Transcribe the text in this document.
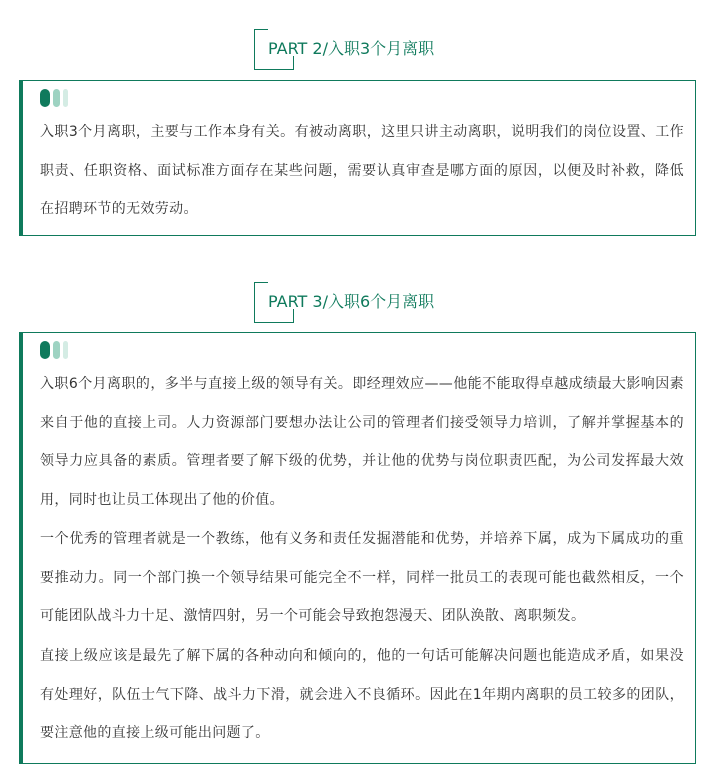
PART 2/入职3个月离职

入职3个月离职，主要与工作本身有关。有被动离职，这里只讲主动离职，说明我们的岗位设置、工作职责、任职资格、面试标准方面存在某些问题，需要认真审查是哪方面的原因，以便及时补救，降低在招聘环节的无效劳动。

PART 3/入职6个月离职

入职6个月离职的，多半与直接上级的领导有关。即经理效应——他能不能取得卓越成绩最大影响因素来自于他的直接上司。人力资源部门要想办法让公司的管理者们接受领导力培训，了解并掌握基本的领导力应具备的素质。管理者要了解下级的优势，并让他的优势与岗位职责匹配，为公司发挥最大效用，同时也让员工体现出了他的价值。

一个优秀的管理者就是一个教练，他有义务和责任发掘潜能和优势，并培养下属，成为下属成功的重要推动力。同一个部门换一个领导结果可能完全不一样，同样一批员工的表现可能也截然相反，一个可能团队战斗力十足、激情四射，另一个可能会导致抱怨漫天、团队涣散、离职频发。

直接上级应该是最先了解下属的各种动向和倾向的，他的一句话可能解决问题也能造成矛盾，如果没有处理好，队伍士气下降、战斗力下滑，就会进入不良循环。因此在1年期内离职的员工较多的团队，要注意他的直接上级可能出问题了。
